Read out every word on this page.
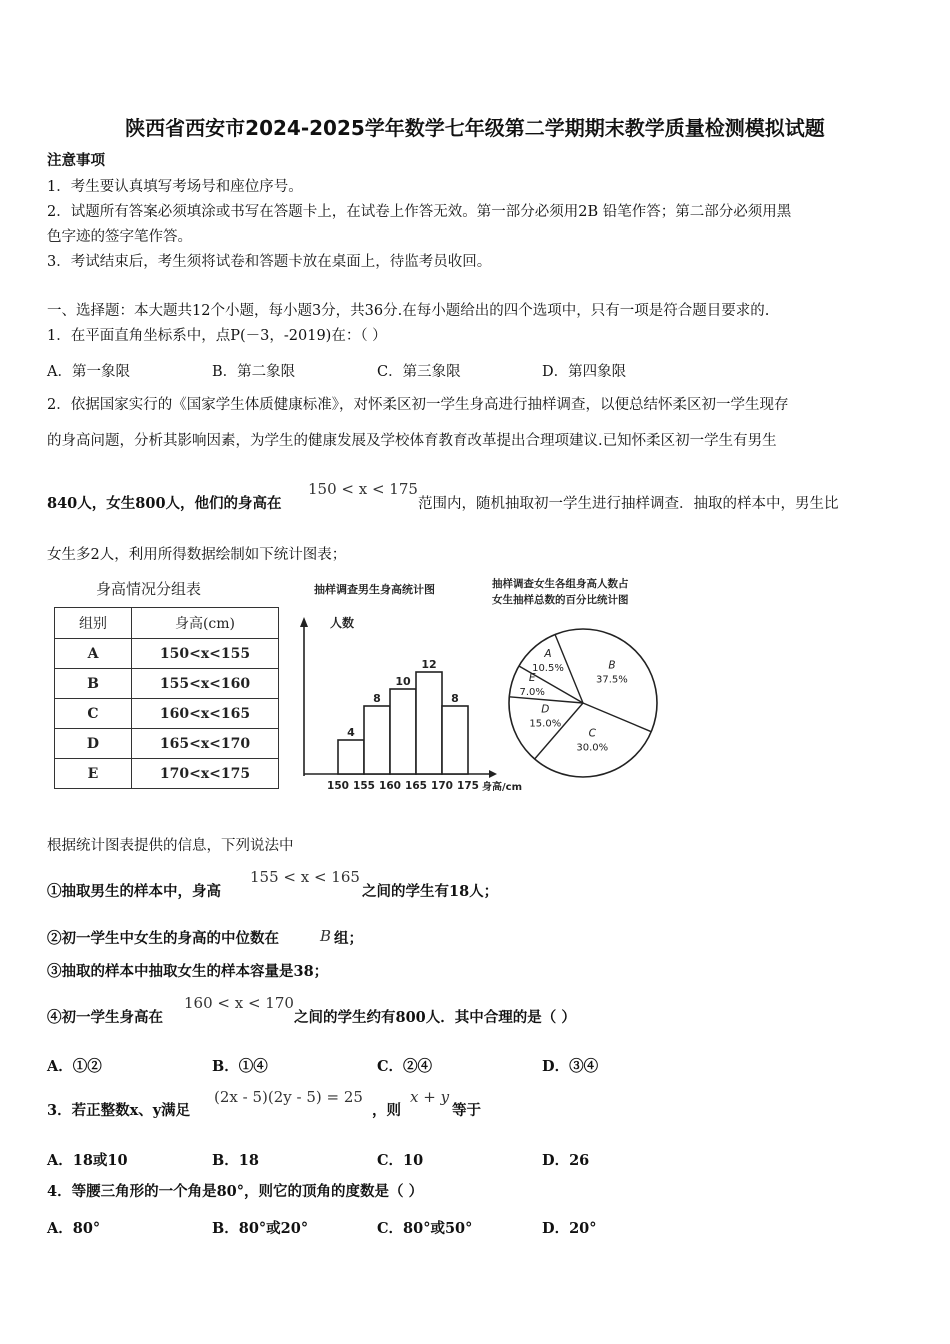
陕西省西安市2024-2025学年数学七年级第二学期期末教学质量检测模拟试题
注意事项
1．考生要认真填写考场号和座位序号。
2．试题所有答案必须填涂或书写在答题卡上，在试卷上作答无效。第一部分必须用2B 铅笔作答；第二部分必须用黑
色字迹的签字笔作答。
3．考试结束后，考生须将试卷和答题卡放在桌面上，待监考员收回。
一、选择题：本大题共12个小题，每小题3分，共36分.在每小题给出的四个选项中，只有一项是符合题目要求的.
1．在平面直角坐标系中，点P(－3，-2019)在：（ ）
A．第一象限	B．第二象限	C．第三象限	D．第四象限
2．依据国家实行的《国家学生体质健康标准》，对怀柔区初一学生身高进行抽样调查，以便总结怀柔区初一学生现存
的身高问题，分析其影响因素，为学生的健康发展及学校体育教育改革提出合理项建议.已知怀柔区初一学生有男生
840人，女生800人，他们的身高在
150 < x < 175
范围内，随机抽取初一学生进行抽样调查．抽取的样本中，男生比
女生多2人，利用所得数据绘制如下统计图表；
身高情况分组表
组别	身高(cm)
A	150<x<155
B	155<x<160
C	160<x<165
D	165<x<170
E	170<x<175
抽样调查男生身高统计图
人数
4
8
10
12
8
150 155 160 165 170 175 身高/cm
抽样调查女生各组身高人数占
女生抽样总数的百分比统计图
A
10.5%	B
37.5%
C
30.0%
D
15.0%
E
7.0%
根据统计图表提供的信息，下列说法中
①抽取男生的样本中，身高
155 < x < 165
之间的学生有18人；
②初一学生中女生的身高的中位数在	B 组；
③抽取的样本中抽取女生的样本容量是38；
④初一学生身高在
160 < x < 170
之间的学生约有800人．其中合理的是（ ）
A．①②	B．①④	C．②④	D．③④
3．若正整数x、y满足
(2x - 5)(2y - 5) = 25
，则
x + y
等于
A．18或10	B．18	C．10	D．26
4．等腰三角形的一个角是80°，则它的顶角的度数是（ ）
A．80°	B．80°或20°	C．80°或50°	D．20°
